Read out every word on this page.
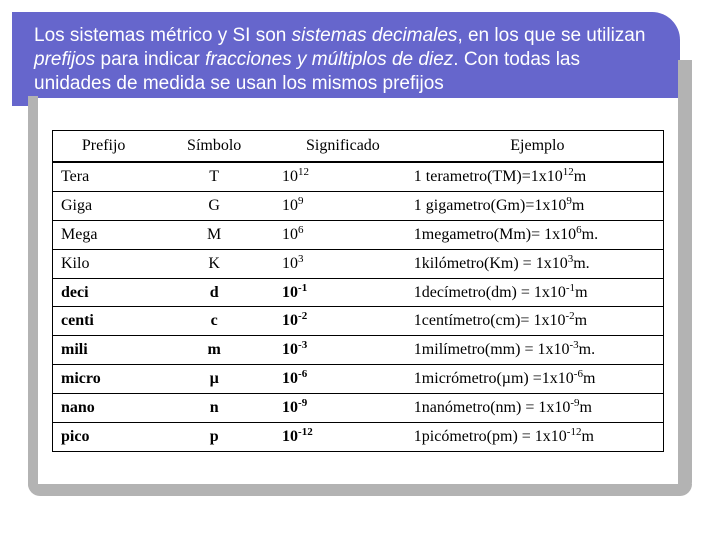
Los sistemas métrico y SI son sistemas decimales, en los que se utilizan prefijos para indicar fracciones y múltiplos de diez. Con todas las unidades de medida se usan los mismos prefijos

Prefijo	Símbolo	Significado	Ejemplo
Tera	T	$10^{12}$	1 $terametro(TM)=1x10^{12}m$
Giga	G	$10^9$	1 $gigametro(Gm)=1x10^9m$
Mega	M	$10^6$	1megametro(Mm)= $1x10^6m$.
Kilo	K	$10^3$	1kilómetro(Km) = $1x10^3m$.
deci	d	$10^{-1}$	1decímetro(dm) = $1x10^{-1}m$
centi	c	$10^{-2}$	1centímetro(cm)= $1x10^{-2}m$
mili	m	$10^{-3}$	1milímetro(mm) = $1x10^{-3}m$.
micro	µ	$10^{-6}$	1micrómetro(µm) $=1x10^{-6}m$
nano	n	$10^{-9}$	1nanómetro(nm) = $1x10^{-9}m$
pico	p	$10^{-12}$	1picómetro(pm) = $1x10^{-12}m$
